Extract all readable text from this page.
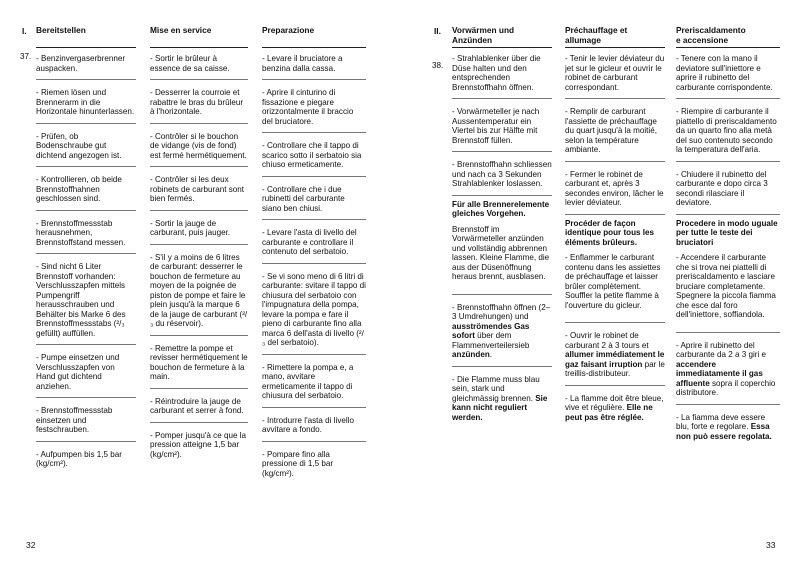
I. Bereitstellen

- Benzinvergaserbrenner auspacken.

- Riemen lösen und Brennerarm in die Horizontale hinunterlassen.

- Prüfen, ob Bodenschraube gut dichtend angezogen ist.

- Kontrollieren, ob beide Brennstoffhahnen geschlossen sind.

- Brennstoffmessstab herausnehmen, Brennstoffstand messen.

- Sind nicht 6 Liter Brennstoff vorhanden: Verschlusszapfen mittels Pumpengriff herausschrauben und Behälter bis Marke 6 des Brennstoffmessstabs (²/₃ gefüllt) auffüllen.

- Pumpe einsetzen und Verschlusszapfen von Hand gut dichtend anziehen.

- Brennstoffmessstab einsetzen und festschrauben.

- Aufpumpen bis 1,5 bar (kg/cm²).

37.
Mise en service

- Sortir le brûleur à essence de sa caisse.

- Desserrer la courroie et rabattre le bras du brûleur à l'horizontale.

- Contrôler si le bouchon de vidange (vis de fond) est fermé hermétiquement.

- Contrôler si les deux robinets de carburant sont bien fermés.

- Sortir la jauge de carburant, puis jauger.

- S'il y a moins de 6 litres de carburant: desserrer le bouchon de fermeture au moyen de la poignée de piston de pompe et faire le plein jusqu'à la marque 6 de la jauge de carburant (²/₃ du réservoir).

- Remettre la pompe et revisser hermétiquement le bouchon de fermeture à la main.

- Réintroduire la jauge de carburant et serrer à fond.

- Pomper jusqu'à ce que la pression atteigne 1,5 bar (kg/cm²).

Preparazione

- Levare il bruciatore a benzina dalla cassa.

- Aprire il cinturino di fissazione e piegare orizzontalmente il braccio del bruciatore.

- Controllare che il tappo di scarico sotto il serbatoio sia chiuso ermeticamente.

- Controllare che i due rubinetti del carburante siano ben chiusi.

- Levare l'asta di livello del carburante e controllare il contenuto del serbatoio.

- Se vi sono meno di 6 litri di carburante: svitare il tappo di chiusura del serbatoio con l'impugnatura della pompa, levare la pompa e fare il pieno di carburante fino alla marca 6 dell'asta di livello (²/₃ del serbatoio).

- Rimettere la pompa e, a mano, avvitare ermeticamente il tappo di chiusura del serbatoio.

- Introdurre l'asta di livello avvitare a fondo.

- Pompare fino alla pressione di 1,5 bar (kg/cm²).

32
II.
38.
Vorwärmen und
Anzünden

- Strahlablenker über die Düse halten und den entsprechenden Brennstoffhahn öffnen.

- Vorwärmeteller je nach Aussentemperatur ein Viertel bis zur Hälfte mit Brennstoff füllen.

- Brennstoffhahn schliessen und nach ca 3 Sekunden Strahlablenker loslassen.

Für alle Brennerelemente gleiches Vorgehen.

Brennstoff im Vorwärmeteller anzünden und vollständig abbrennen lassen. Kleine Flamme, die aus der Düsenöffnung heraus brennt, ausblasen.

- Brennstoffhahn öffnen (2–3 Umdrehungen) und ausströmendes Gas sofort über dem Flammenverteilersieb anzünden.

- Die Flamme muss blau sein, stark und gleichmässig brennen. Sie kann nicht reguliert werden.

Préchauffage et
allumage

- Tenir le levier déviateur du jet sur le gicleur et ouvrir le robinet de carburant correspondant.

- Remplir de carburant l'assiette de préchauffage du quart jusqu'à la moitié, selon la température ambiante.

- Fermer le robinet de carburant et, après 3 secondes environ, lâcher le levier déviateur.

Procéder de façon identique pour tous les éléments brûleurs.

- Enflammer le carburant contenu dans les assiettes de préchauffage et laisser brûler complètement. Souffler la petite flamme à l'ouverture du gicleur.

- Ouvrir le robinet de carburant 2 à 3 tours et allumer immédiatement le gaz faisant irruption par le treillis-distributeur.

- La flamme doit être bleue, vive et régulière. Elle ne peut pas être réglée.

Preriscaldamento
e accensione

- Tenere con la mano il deviatore sull'iniettore e aprire il rubinetto del carburante corrispondente.

- Riempire di carburante il piattello di preriscaldamento da un quarto fino alla metà del suo contenuto secondo la temperatura dell'aria.

- Chiudere il rubinetto del carburante e dopo circa 3 secondi rilasciare il deviatore.

Procedere in modo uguale per tutte le teste dei bruciatori

- Accendere il carburante che si trova nei piattelli di preriscaldamento e lasciare bruciare completamente. Spegnere la piccola fiamma che esce dal foro dell'iniettore, soffiandola.

- Aprire il rubinetto del carburante da 2 a 3 giri e accendere immediatamente il gas affluente sopra il coperchio distributore.

- La fiamma deve essere blu, forte e regolare. Essa non può essere regolata.

33
